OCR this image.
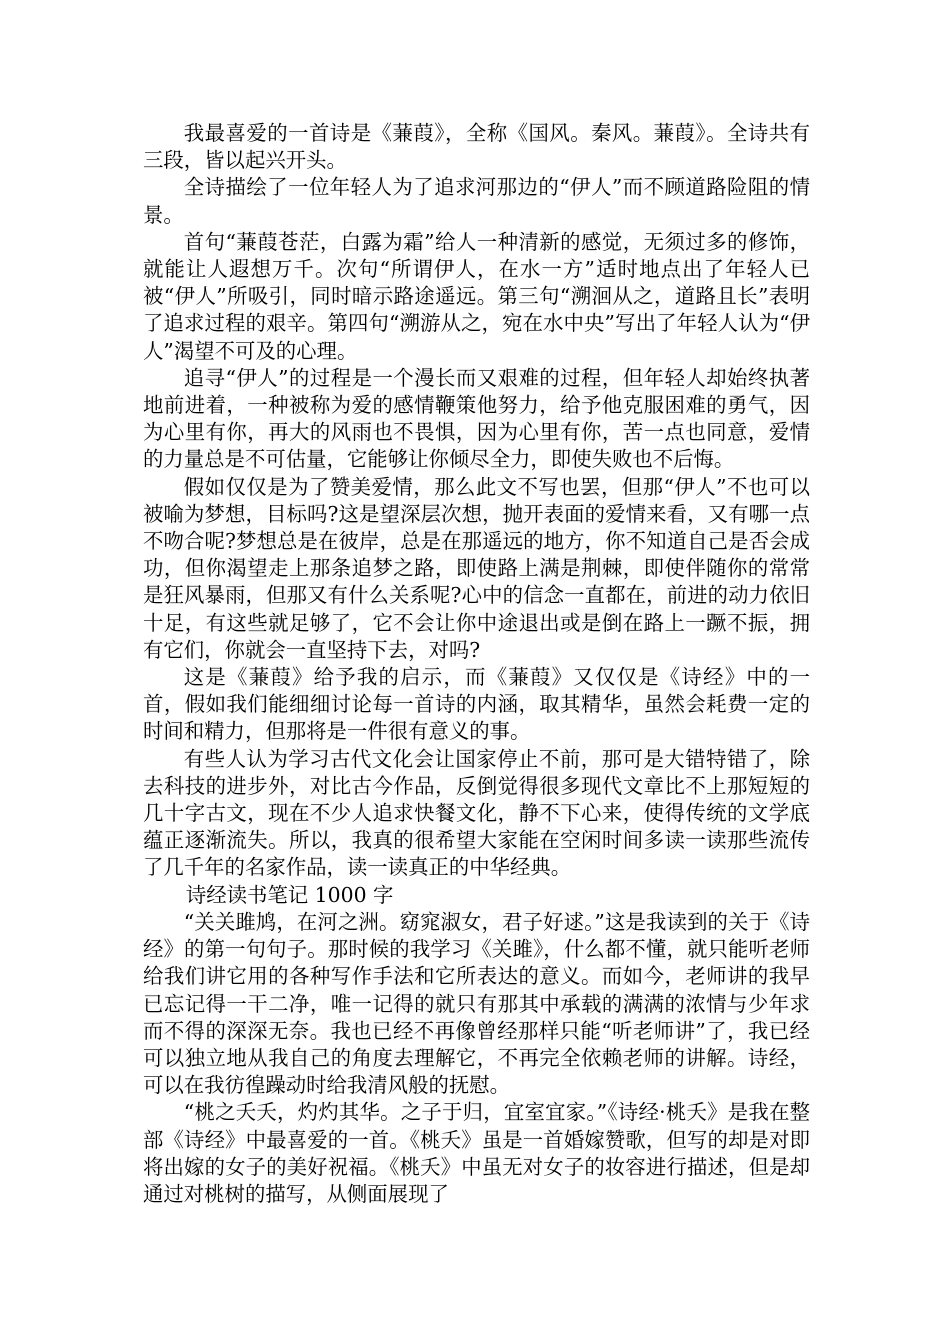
我最喜爱的一首诗是《蒹葭》，全称《国风。秦风。蒹葭》。全诗共有三段，皆以起兴开头。

全诗描绘了一位年轻人为了追求河那边的“伊人”而不顾道路险阻的情景。

首句“蒹葭苍茫，白露为霜”给人一种清新的感觉，无须过多的修饰，就能让人遐想万千。次句“所谓伊人，在水一方”适时地点出了年轻人已被“伊人”所吸引，同时暗示路途遥远。第三句“溯洄从之，道路且长”表明了追求过程的艰辛。第四句“溯游从之，宛在水中央”写出了年轻人认为“伊人”渴望不可及的心理。

追寻“伊人”的过程是一个漫长而又艰难的过程，但年轻人却始终执著地前进着，一种被称为爱的感情鞭策他努力，给予他克服困难的勇气，因为心里有你，再大的风雨也不畏惧，因为心里有你，苦一点也同意，爱情的力量总是不可估量，它能够让你倾尽全力，即使失败也不后悔。

假如仅仅是为了赞美爱情，那么此文不写也罢，但那“伊人”不也可以被喻为梦想，目标吗?这是望深层次想，抛开表面的爱情来看，又有哪一点不吻合呢?梦想总是在彼岸，总是在那遥远的地方，你不知道自己是否会成功，但你渴望走上那条追梦之路，即使路上满是荆棘，即使伴随你的常常是狂风暴雨，但那又有什么关系呢?心中的信念一直都在，前进的动力依旧十足，有这些就足够了，它不会让你中途退出或是倒在路上一蹶不振，拥有它们，你就会一直坚持下去，对吗?

这是《蒹葭》给予我的启示，而《蒹葭》又仅仅是《诗经》中的一首，假如我们能细细讨论每一首诗的内涵，取其精华，虽然会耗费一定的时间和精力，但那将是一件很有意义的事。

有些人认为学习古代文化会让国家停止不前，那可是大错特错了，除去科技的进步外，对比古今作品，反倒觉得很多现代文章比不上那短短的几十字古文，现在不少人追求快餐文化，静不下心来，使得传统的文学底蕴正逐渐流失。所以，我真的很希望大家能在空闲时间多读一读那些流传了几千年的名家作品，读一读真正的中华经典。

诗经读书笔记 1000 字

“关关雎鸠，在河之洲。窈窕淑女，君子好逑。”这是我读到的关于《诗经》的第一句句子。那时候的我学习《关雎》，什么都不懂，就只能听老师给我们讲它用的各种写作手法和它所表达的意义。而如今，老师讲的我早已忘记得一干二净，唯一记得的就只有那其中承载的满满的浓情与少年求而不得的深深无奈。我也已经不再像曾经那样只能“听老师讲”了，我已经可以独立地从我自己的角度去理解它，不再完全依赖老师的讲解。诗经，可以在我彷徨躁动时给我清风般的抚慰。

“桃之夭夭，灼灼其华。之子于归，宜室宜家。”《诗经·桃夭》是我在整部《诗经》中最喜爱的一首。《桃夭》虽是一首婚嫁赞歌，但写的却是对即将出嫁的女子的美好祝福。《桃夭》中虽无对女子的妆容进行描述，但是却通过对桃树的描写，从侧面展现了
